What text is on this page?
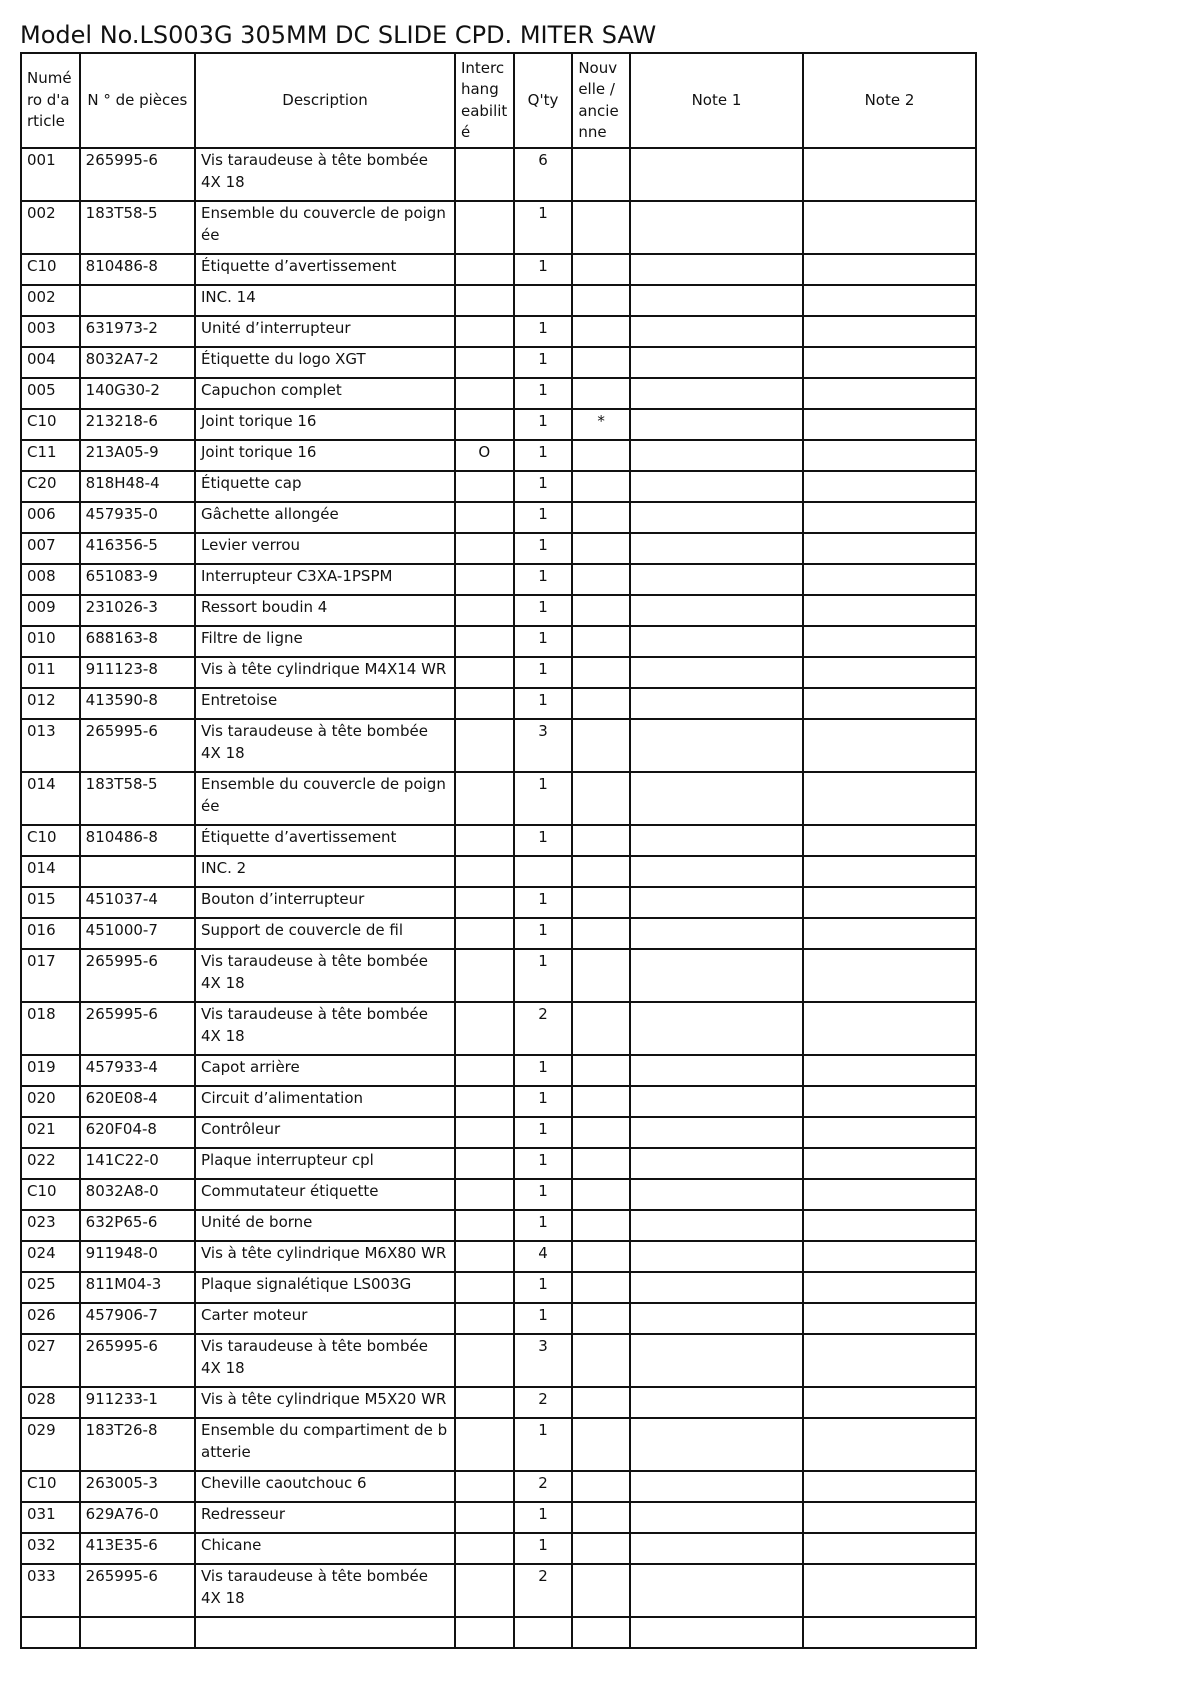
Model No.LS003G 305MM DC SLIDE CPD. MITER SAW
Numé ro d'a rticle	N ° de pièces	Description	Interc hang eabilit é	Q'ty	Nouv elle / ancie nne	Note 1	Note 2
001	265995-6	Vis taraudeuse à tête bombée 4X 18		6			
002	183T58-5	Ensemble du couvercle de poign ée		1			
C10	810486-8	Étiquette d’avertissement		1			
002		INC. 14					
003	631973-2	Unité d’interrupteur		1			
004	8032A7-2	Étiquette du logo XGT		1			
005	140G30-2	Capuchon complet		1			
C10	213218-6	Joint torique 16		1	*		
C11	213A05-9	Joint torique 16	O	1			
C20	818H48-4	Étiquette cap		1			
006	457935-0	Gâchette allongée		1			
007	416356-5	Levier verrou		1			
008	651083-9	Interrupteur C3XA-1PSPM		1			
009	231026-3	Ressort boudin 4		1			
010	688163-8	Filtre de ligne		1			
011	911123-8	Vis à tête cylindrique M4X14 WR		1			
012	413590-8	Entretoise		1			
013	265995-6	Vis taraudeuse à tête bombée 4X 18		3			
014	183T58-5	Ensemble du couvercle de poign ée		1			
C10	810486-8	Étiquette d’avertissement		1			
014		INC. 2					
015	451037-4	Bouton d’interrupteur		1			
016	451000-7	Support de couvercle de fil		1			
017	265995-6	Vis taraudeuse à tête bombée 4X 18		1			
018	265995-6	Vis taraudeuse à tête bombée 4X 18		2			
019	457933-4	Capot arrière		1			
020	620E08-4	Circuit d’alimentation		1			
021	620F04-8	Contrôleur		1			
022	141C22-0	Plaque interrupteur cpl		1			
C10	8032A8-0	Commutateur étiquette		1			
023	632P65-6	Unité de borne		1			
024	911948-0	Vis à tête cylindrique M6X80 WR		4			
025	811M04-3	Plaque signalétique LS003G		1			
026	457906-7	Carter moteur		1			
027	265995-6	Vis taraudeuse à tête bombée 4X 18		3			
028	911233-1	Vis à tête cylindrique M5X20 WR		2			
029	183T26-8	Ensemble du compartiment de b atterie		1			
C10	263005-3	Cheville caoutchouc 6		2			
031	629A76-0	Redresseur		1			
032	413E35-6	Chicane		1			
033	265995-6	Vis taraudeuse à tête bombée 4X 18		2			
